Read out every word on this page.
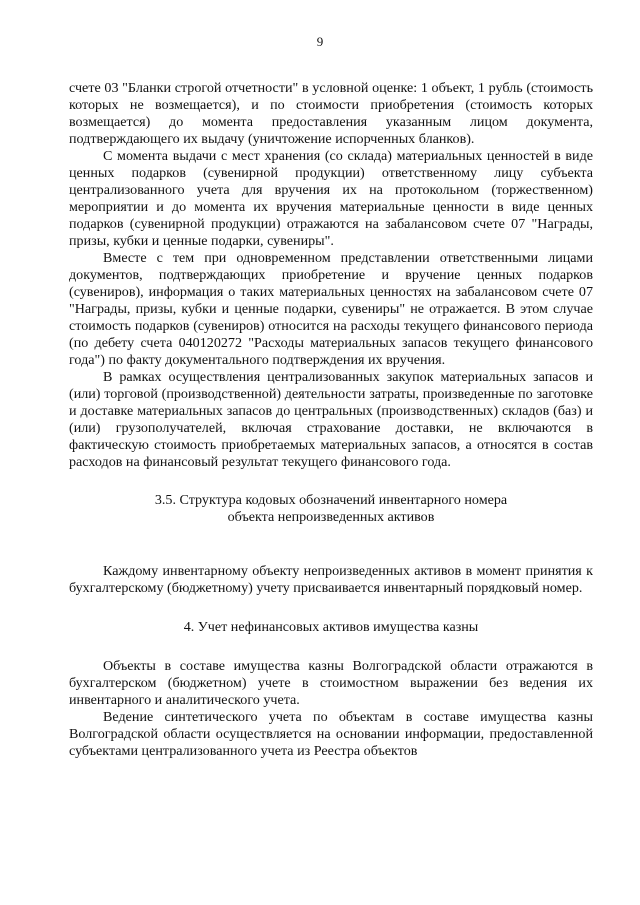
9

счете 03 "Бланки строгой отчетности" в условной оценке: 1 объект, 1 рубль (стоимость которых не возмещается), и по стоимости приобретения (стоимость которых возмещается) до момента предоставления указанным лицом документа, подтверждающего их выдачу (уничтожение испорченных бланков).

С момента выдачи с мест хранения (со склада) материальных ценностей в виде ценных подарков (сувенирной продукции) ответственному лицу субъекта централизованного учета для вручения их на протокольном (торжественном) мероприятии и до момента их вручения материальные ценности в виде ценных подарков (сувенирной продукции) отражаются на забалансовом счете 07 "Награды, призы, кубки и ценные подарки, сувениры".

Вместе с тем при одновременном представлении ответственными лицами документов, подтверждающих приобретение и вручение ценных подарков (сувениров), информация о таких материальных ценностях на забалансовом счете 07 "Награды, призы, кубки и ценные подарки, сувениры" не отражается. В этом случае стоимость подарков (сувениров) относится на расходы текущего финансового периода (по дебету счета 040120272 "Расходы материальных запасов текущего финансового года") по факту документального подтверждения их вручения.

В рамках осуществления централизованных закупок материальных запасов и (или) торговой (производственной) деятельности затраты, произведенные по заготовке и доставке материальных запасов до центральных (производственных) складов (баз) и (или) грузополучателей, включая страхование доставки, не включаются в фактическую стоимость приобретаемых материальных запасов, а относятся в состав расходов на финансовый результат текущего финансового года.

3.5. Структура кодовых обозначений инвентарного номера

объекта непроизведенных активов

Каждому инвентарному объекту непроизведенных активов в момент принятия к бухгалтерскому (бюджетному) учету присваивается инвентарный порядковый номер.

4. Учет нефинансовых активов имущества казны

Объекты в составе имущества казны Волгоградской области отражаются в бухгалтерском (бюджетном) учете в стоимостном выражении без ведения их инвентарного и аналитического учета.

Ведение синтетического учета по объектам в составе имущества казны Волгоградской области осуществляется на основании информации, предоставленной субъектами централизованного учета из Реестра объектов
